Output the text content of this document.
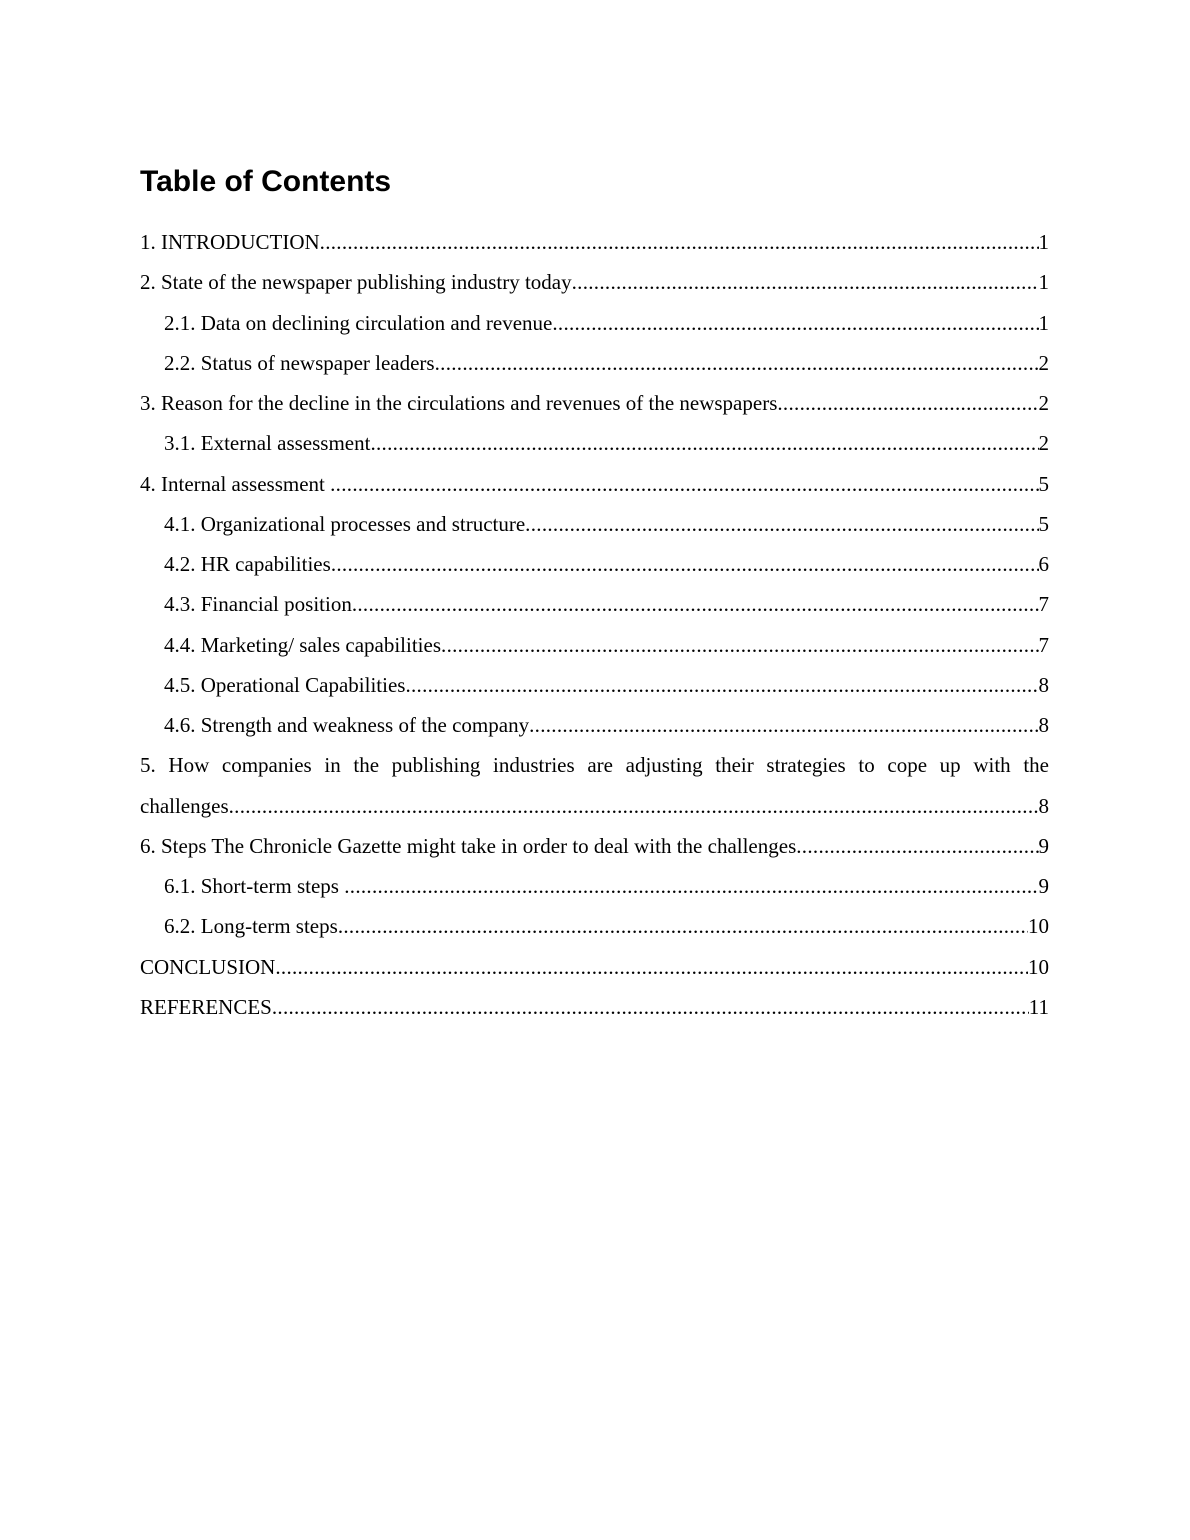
Table of Contents
1. INTRODUCTION .....	1
2. State of the newspaper publishing industry today .....	1
2.1. Data on declining circulation and revenue .....	1
2.2. Status of newspaper leaders .....	2
3. Reason for the decline in the circulations and revenues of the newspapers .....	2
3.1. External assessment .....	2
4. Internal assessment .....	5
4.1. Organizational processes and structure .....	5
4.2. HR capabilities .....	6
4.3. Financial position .....	7
4.4. Marketing/ sales capabilities .....	7
4.5. Operational Capabilities .....	8
4.6. Strength and weakness of the company .....	8
5. How companies in the publishing industries are adjusting their strategies to cope up with the
challenges .....	8
6. Steps The Chronicle Gazette might take in order to deal with the challenges .....	9
6.1. Short-term steps .....	9
6.2. Long-term steps .....	10
CONCLUSION .....	10
REFERENCES .....	11
